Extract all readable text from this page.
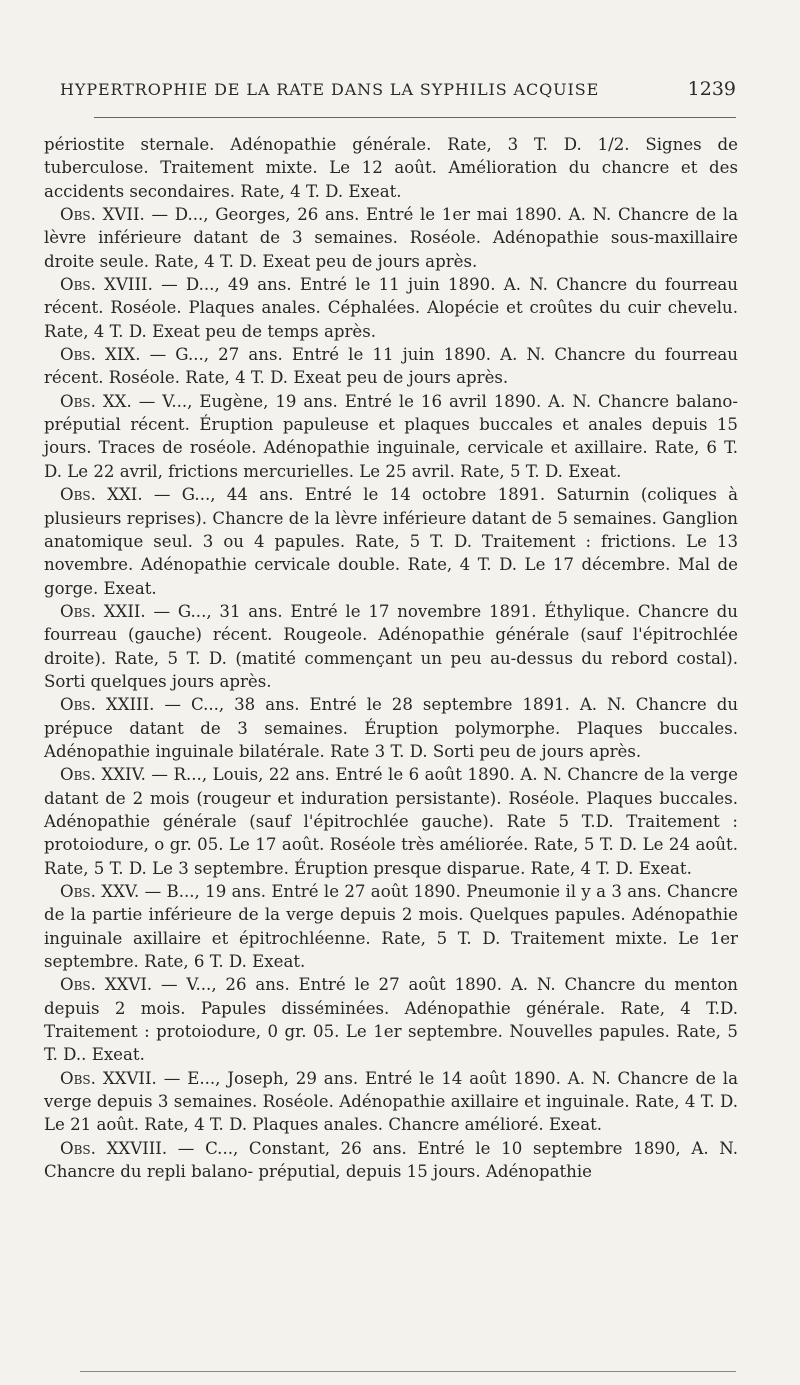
HYPERTROPHIE DE LA RATE DANS LA SYPHILIS ACQUISE	1239

périostite sternale. Adénopathie générale. Rate, 3 T. D. 1/2. Signes de tuberculose. Traitement mixte. Le 12 août. Amélioration du chancre et des accidents secondaires. Rate, 4 T. D. Exeat.

Obs. XVII. — D..., Georges, 26 ans. Entré le 1er mai 1890. A. N. Chancre de la lèvre inférieure datant de 3 semaines. Roséole. Adénopathie sous-maxillaire droite seule. Rate, 4 T. D. Exeat peu de jours après.

Obs. XVIII. — D..., 49 ans. Entré le 11 juin 1890. A. N. Chancre du fourreau récent. Roséole. Plaques anales. Céphalées. Alopécie et croûtes du cuir chevelu. Rate, 4 T. D. Exeat peu de temps après.

Obs. XIX. — G..., 27 ans. Entré le 11 juin 1890. A. N. Chancre du fourreau récent. Roséole. Rate, 4 T. D. Exeat peu de jours après.

Obs. XX. — V..., Eugène, 19 ans. Entré le 16 avril 1890. A. N. Chancre balano-préputial récent. Éruption papuleuse et plaques buccales et anales depuis 15 jours. Traces de roséole. Adénopathie inguinale, cervicale et axillaire. Rate, 6 T. D. Le 22 avril, frictions mercurielles. Le 25 avril. Rate, 5 T. D. Exeat.

Obs. XXI. — G..., 44 ans. Entré le 14 octobre 1891. Saturnin (coliques à plusieurs reprises). Chancre de la lèvre inférieure datant de 5 semaines. Ganglion anatomique seul. 3 ou 4 papules. Rate, 5 T. D. Traitement : frictions. Le 13 novembre. Adénopathie cervicale double. Rate, 4 T. D. Le 17 décembre. Mal de gorge. Exeat.

Obs. XXII. — G..., 31 ans. Entré le 17 novembre 1891. Éthylique. Chancre du fourreau (gauche) récent. Rougeole. Adénopathie générale (sauf l'épitrochlée droite). Rate, 5 T. D. (matité commençant un peu au-dessus du rebord costal). Sorti quelques jours après.

Obs. XXIII. — C..., 38 ans. Entré le 28 septembre 1891. A. N. Chancre du prépuce datant de 3 semaines. Éruption polymorphe. Plaques buccales. Adénopathie inguinale bilatérale. Rate 3 T. D. Sorti peu de jours après.

Obs. XXIV. — R..., Louis, 22 ans. Entré le 6 août 1890. A. N. Chancre de la verge datant de 2 mois (rougeur et induration persistante). Roséole. Plaques buccales. Adénopathie générale (sauf l'épitrochlée gauche). Rate 5 T.D. Traitement : protoiodure, o gr. 05. Le 17 août. Roséole très améliorée. Rate, 5 T. D. Le 24 août. Rate, 5 T. D. Le 3 septembre. Éruption presque disparue. Rate, 4 T. D. Exeat.

Obs. XXV. — B..., 19 ans. Entré le 27 août 1890. Pneumonie il y a 3 ans. Chancre de la partie inférieure de la verge depuis 2 mois. Quelques papules. Adénopathie inguinale axillaire et épitrochléenne. Rate, 5 T. D. Traitement mixte. Le 1er septembre. Rate, 6 T. D. Exeat.

Obs. XXVI. — V..., 26 ans. Entré le 27 août 1890. A. N. Chancre du menton depuis 2 mois. Papules disséminées. Adénopathie générale. Rate, 4 T.D. Traitement : protoiodure, 0 gr. 05. Le 1er septembre. Nouvelles papules. Rate, 5 T. D.. Exeat.

Obs. XXVII. — E..., Joseph, 29 ans. Entré le 14 août 1890. A. N. Chancre de la verge depuis 3 semaines. Roséole. Adénopathie axillaire et inguinale. Rate, 4 T. D. Le 21 août. Rate, 4 T. D. Plaques anales. Chancre amélioré. Exeat.

Obs. XXVIII. — C..., Constant, 26 ans. Entré le 10 septembre 1890, A. N. Chancre du repli balano- préputial, depuis 15 jours. Adénopathie
